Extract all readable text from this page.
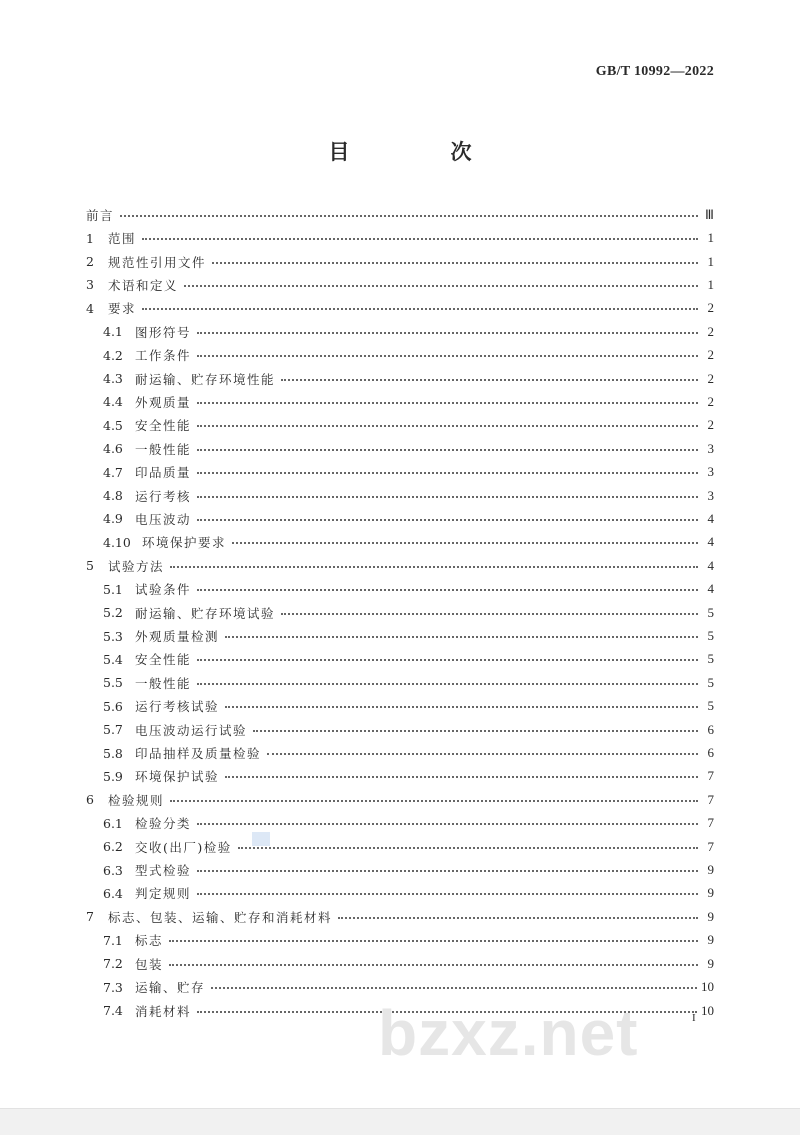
GB/T 10992—2022
目　次
前言	Ⅲ
1	范围	1
2	规范性引用文件	1
3	术语和定义	1
4	要求	2
4.1 图形符号	2
4.2 工作条件	2
4.3 耐运输、贮存环境性能	2
4.4 外观质量	2
4.5 安全性能	2
4.6 一般性能	3
4.7 印品质量	3
4.8 运行考核	3
4.9 电压波动	4
4.10 环境保护要求	4
5	试验方法	4
5.1 试验条件	4
5.2 耐运输、贮存环境试验	5
5.3 外观质量检测	5
5.4 安全性能	5
5.5 一般性能	5
5.6 运行考核试验	5
5.7 电压波动运行试验	6
5.8 印品抽样及质量检验	6
5.9 环境保护试验	7
6	检验规则	7
6.1 检验分类	7
6.2 交收(出厂)检验	7
6.3 型式检验	9
6.4 判定规则	9
7	标志、包装、运输、贮存和消耗材料	9
7.1 标志	9
7.2 包装	9
7.3 运输、贮存	10
7.4 消耗材料	10
I
bzxz.net
